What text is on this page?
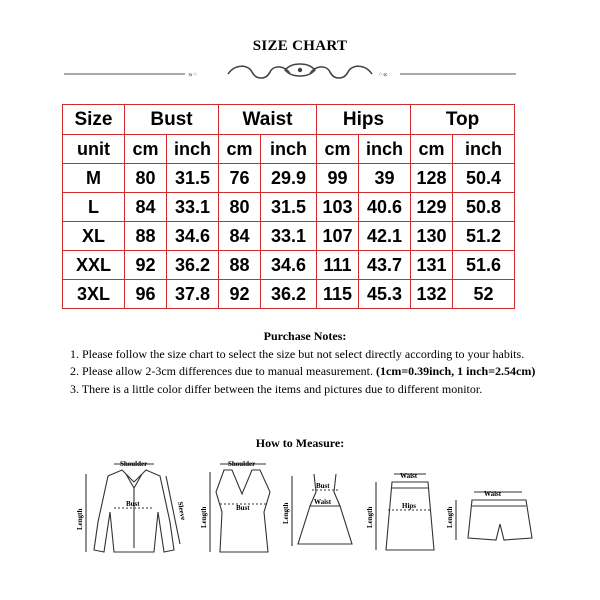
SIZE CHART
»◦	◦«
Size	Bust		Waist		Hips		Top	
unit	cm	inch	cm	inch	cm	inch	cm	inch
M	80	31.5	76	29.9	99	39	128	50.4
L	84	33.1	80	31.5	103	40.6	129	50.8
XL	88	34.6	84	33.1	107	42.1	130	51.2
XXL	92	36.2	88	34.6	111	43.7	131	51.6
3XL	96	37.8	92	36.2	115	45.3	132	52

Purchase Notes:

1. Please follow the size chart to select the size but not select directly according to your habits.

2. Please allow 2-3cm differences due to manual measurement. (1cm=0.39inch, 1 inch=2.54cm)

3. There is a little color differ between the items and pictures due to different monitor.

How to Measure:
Shoulder
Bust	Sleeve
Length
Shoulder
Bust
Length
Bust
Waist
Length
Waist
Hips
Length
Waist
Length
